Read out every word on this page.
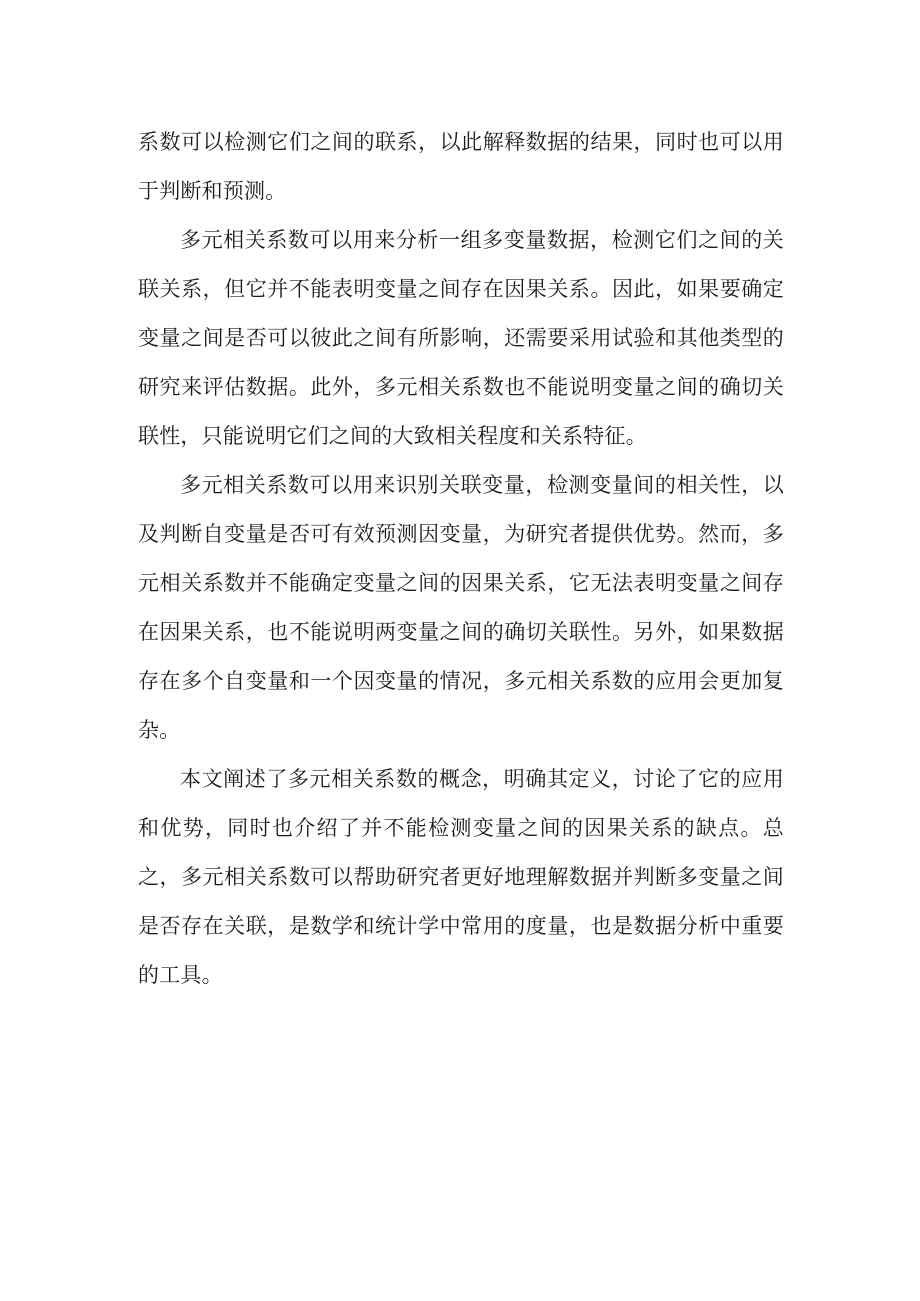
系数可以检测它们之间的联系，以此解释数据的结果，同时也可以用于判断和预测。

多元相关系数可以用来分析一组多变量数据，检测它们之间的关联关系，但它并不能表明变量之间存在因果关系。因此，如果要确定变量之间是否可以彼此之间有所影响，还需要采用试验和其他类型的研究来评估数据。此外，多元相关系数也不能说明变量之间的确切关联性，只能说明它们之间的大致相关程度和关系特征。

多元相关系数可以用来识别关联变量，检测变量间的相关性，以及判断自变量是否可有效预测因变量，为研究者提供优势。然而，多元相关系数并不能确定变量之间的因果关系，它无法表明变量之间存在因果关系，也不能说明两变量之间的确切关联性。另外，如果数据存在多个自变量和一个因变量的情况，多元相关系数的应用会更加复杂。

本文阐述了多元相关系数的概念，明确其定义，讨论了它的应用和优势，同时也介绍了并不能检测变量之间的因果关系的缺点。总之，多元相关系数可以帮助研究者更好地理解数据并判断多变量之间是否存在关联，是数学和统计学中常用的度量，也是数据分析中重要的工具。
